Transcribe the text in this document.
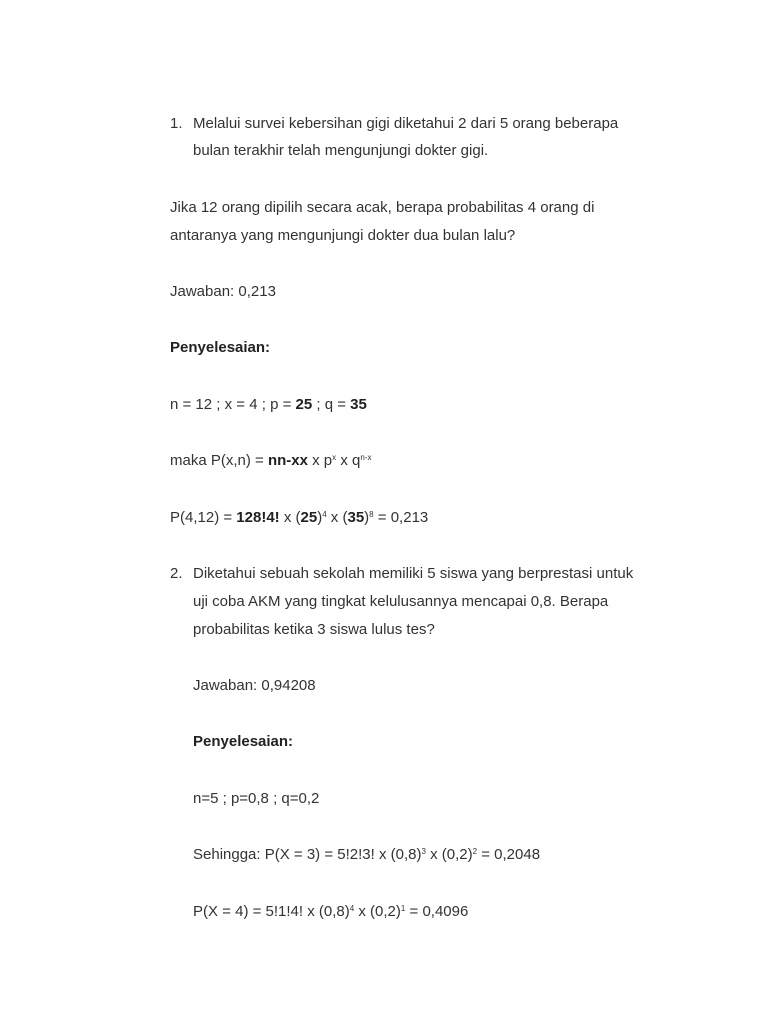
1. Melalui survei kebersihan gigi diketahui 2 dari 5 orang beberapa
bulan terakhir telah mengunjungi dokter gigi.
Jika 12 orang dipilih secara acak, berapa probabilitas 4 orang di
antaranya yang mengunjungi dokter dua bulan lalu?
Jawaban: 0,213
Penyelesaian:
n = 12 ; x = 4 ; p = 25 ; q = 35
maka P(x,n) = nn-xx x $p^x$ x $q^{n-x}$
P(4,12) = 128!4! x $(25)^4$ x $(35)^8 = 0,213$
2. Diketahui sebuah sekolah memiliki 5 siswa yang berprestasi untuk
uji coba AKM yang tingkat kelulusannya mencapai 0,8. Berapa
probabilitas ketika 3 siswa lulus tes?
Jawaban: 0,94208
Penyelesaian:
n=5 ; p=0,8 ; q=0,2
Sehingga: P(X = 3) = 5!2!3! x $(0,8)^3$ x $(0,2)^2 = 0,2048$
P(X = 4) = 5!1!4! x $(0,8)^4$ x $(0,2)^1 = 0,4096$
